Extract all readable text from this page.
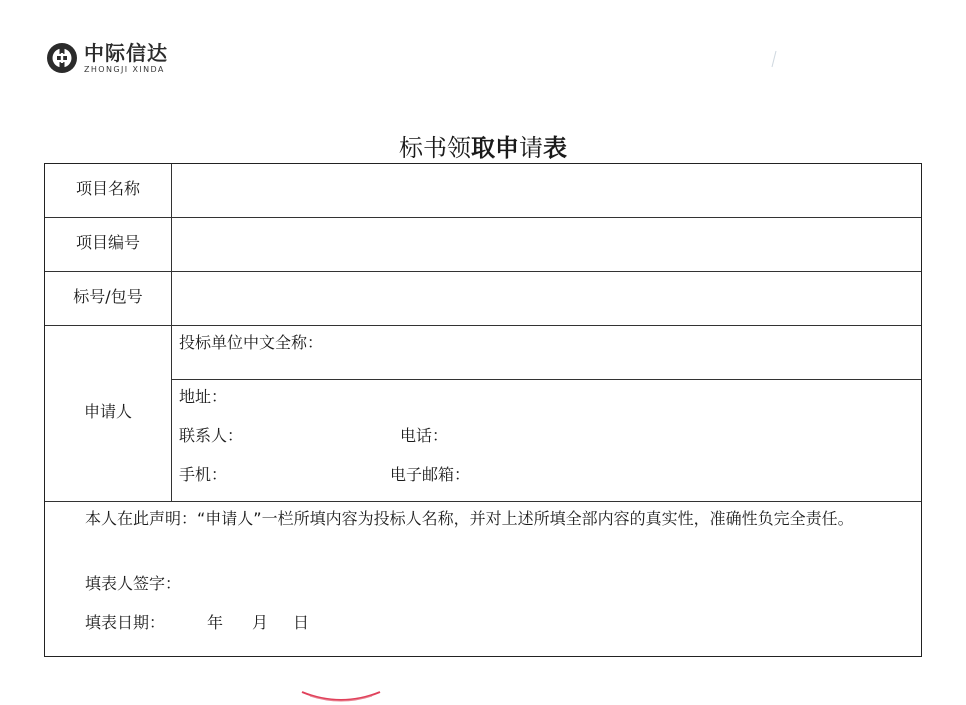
中际信达
ZHONGJI XINDA
标书领取申请表
项目名称
项目编号
标号/包号
申请人
投标单位中文全称：
地址：
联系人：	电话：
手机：	电子邮箱：
本人在此声明：“申请人”一栏所填内容为投标人名称，并对上述所填全部内容的真实性，准确性负完全责任。
填表人签字：
填表日期：	年 月 日
